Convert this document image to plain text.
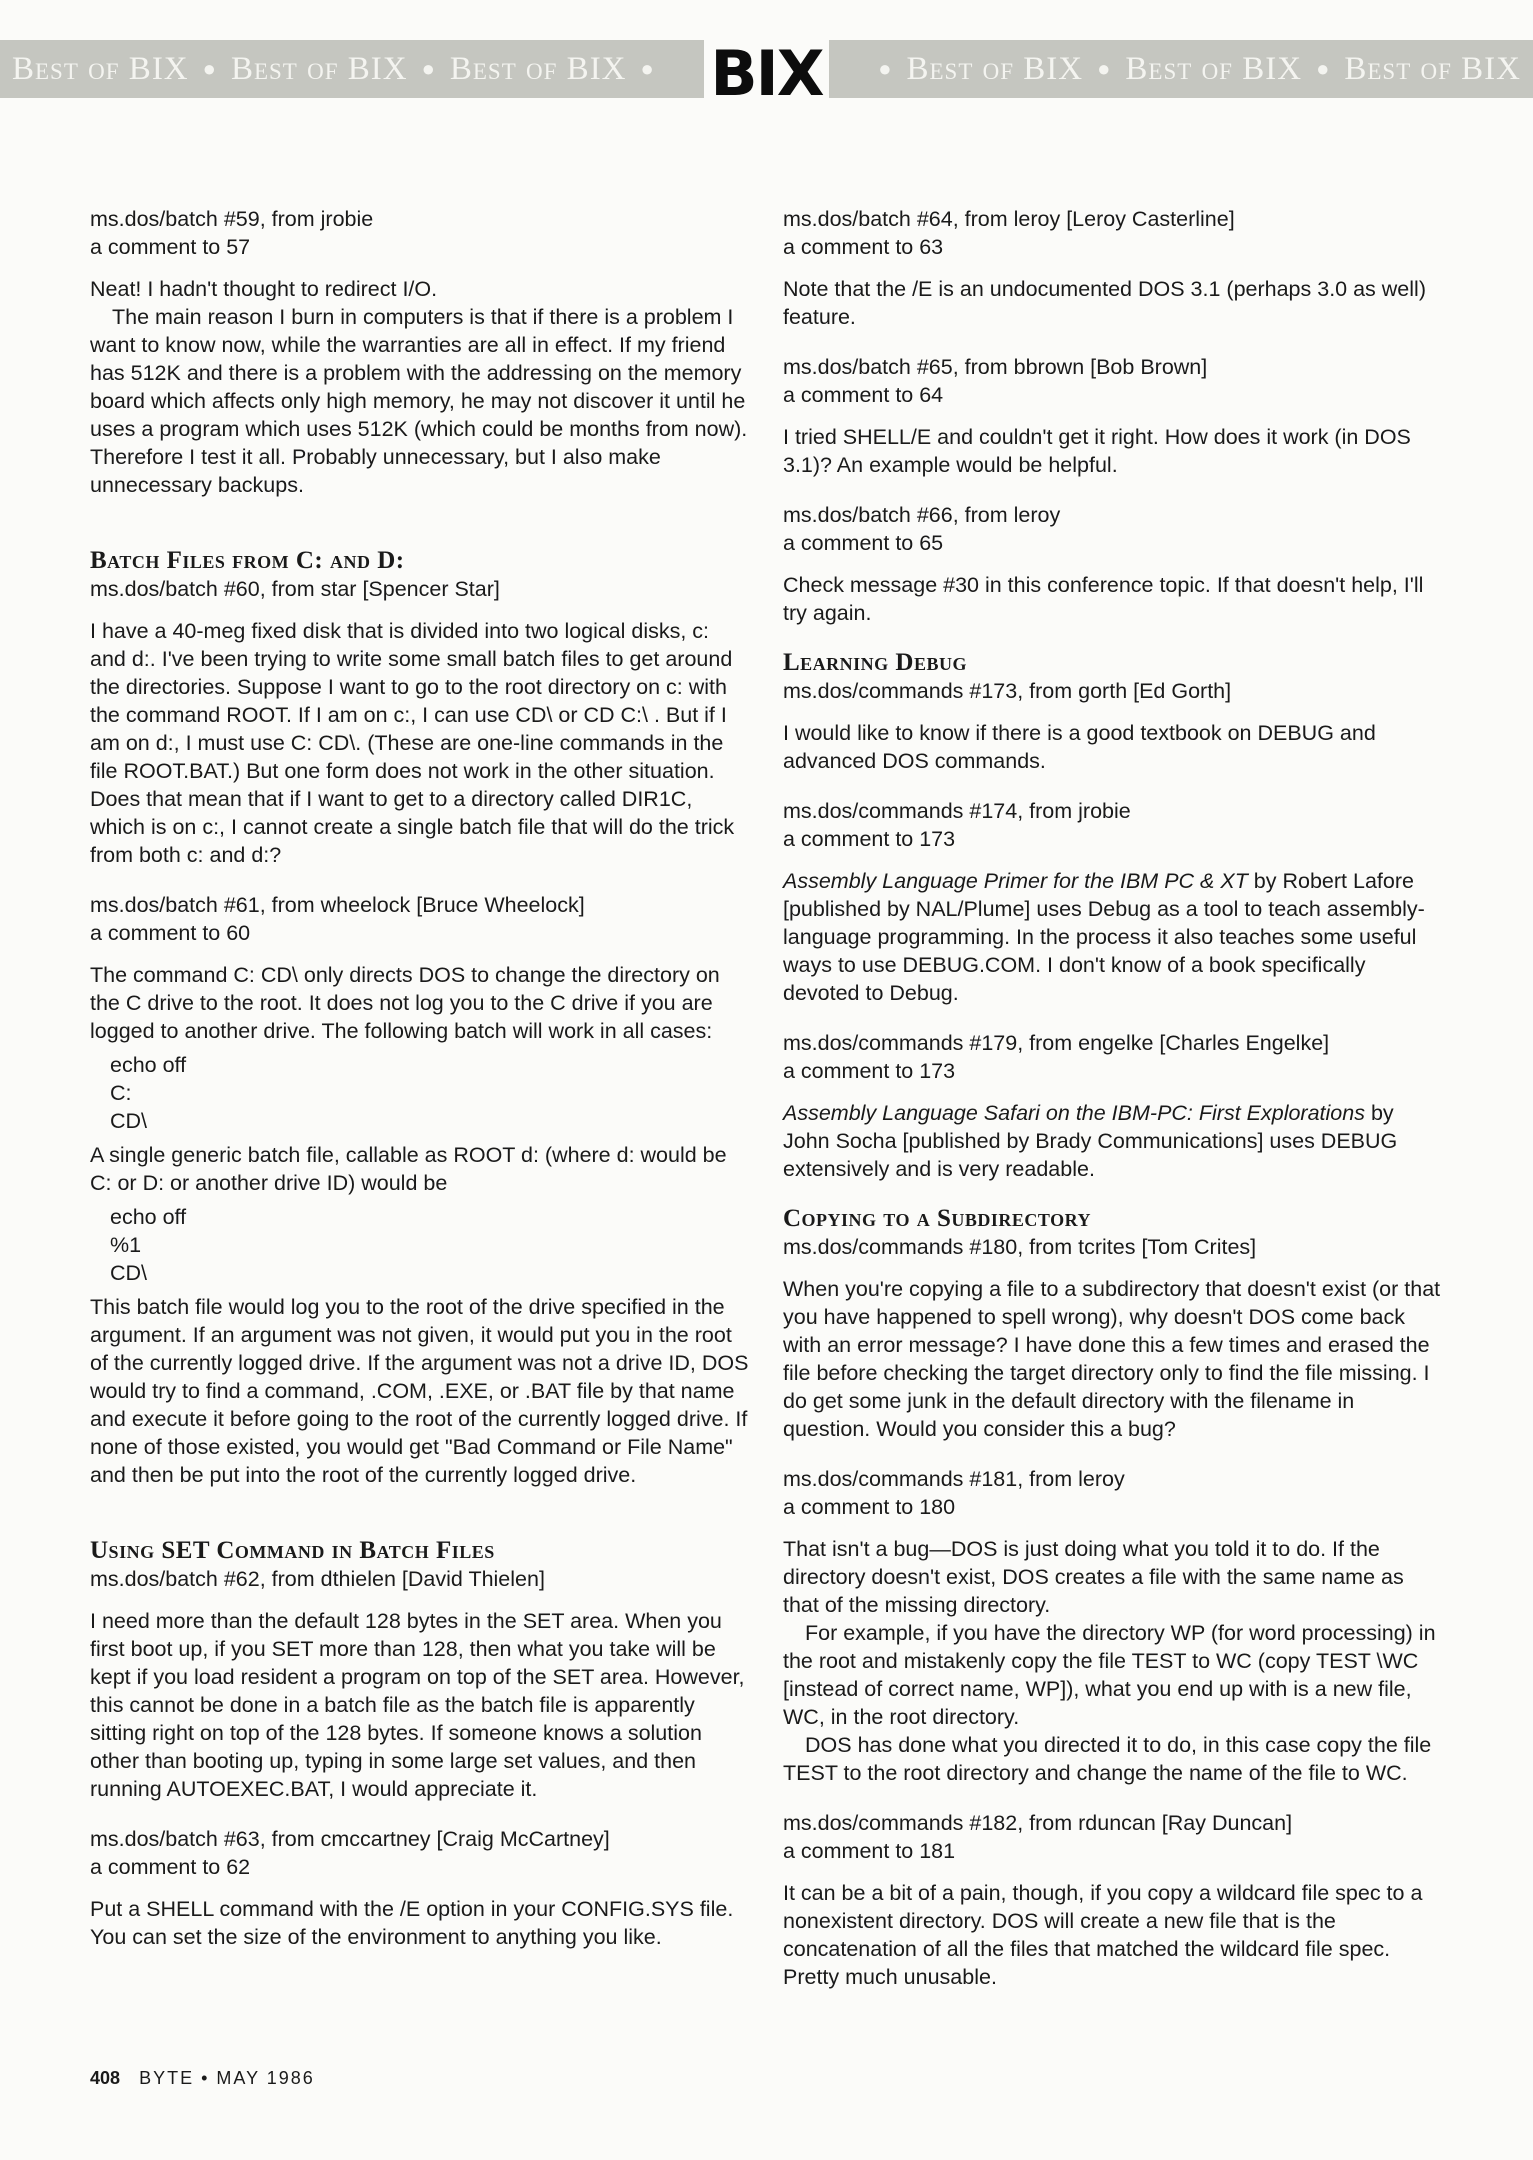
Best of BIX ● Best of BIX ● Best of BIX ● BIX	● Best of BIX ● Best of BIX ● Best of BIX

ms.dos/batch #59, from jrobie

a comment to 57

Neat! I hadn't thought to redirect I/O.

The main reason I burn in computers is that if there is a problem I want to know now, while the warranties are all in effect. If my friend has 512K and there is a problem with the addressing on the memory board which affects only high memory, he may not discover it until he uses a program which uses 512K (which could be months from now). Therefore I test it all. Probably unnecessary, but I also make unnecessary backups.

Batch Files from C: and D:

ms.dos/batch #60, from star [Spencer Star]

I have a 40-meg fixed disk that is divided into two logical disks, c: and d:. I've been trying to write some small batch files to get around the directories. Suppose I want to go to the root directory on c: with the command ROOT. If I am on c:, I can use CD\ or CD C:\ . But if I am on d:, I must use C: CD\. (These are one-line commands in the file ROOT.BAT.) But one form does not work in the other situation. Does that mean that if I want to get to a directory called DIR1C, which is on c:, I cannot create a single batch file that will do the trick from both c: and d:?

ms.dos/batch #61, from wheelock [Bruce Wheelock]

a comment to 60

The command C: CD\ only directs DOS to change the directory on the C drive to the root. It does not log you to the C drive if you are logged to another drive. The following batch will work in all cases:

echo off
C:
CD\

A single generic batch file, callable as ROOT d: (where d: would be C: or D: or another drive ID) would be

echo off
%1
CD\

This batch file would log you to the root of the drive specified in the argument. If an argument was not given, it would put you in the root of the currently logged drive. If the argument was not a drive ID, DOS would try to find a command, .COM, .EXE, or .BAT file by that name and execute it before going to the root of the currently logged drive. If none of those existed, you would get "Bad Command or File Name" and then be put into the root of the currently logged drive.

Using SET Command in Batch Files

ms.dos/batch #62, from dthielen [David Thielen]

I need more than the default 128 bytes in the SET area. When you first boot up, if you SET more than 128, then what you take will be kept if you load resident a program on top of the SET area. However, this cannot be done in a batch file as the batch file is apparently sitting right on top of the 128 bytes. If someone knows a solution other than booting up, typing in some large set values, and then running AUTOEXEC.BAT, I would appreciate it.

ms.dos/batch #63, from cmccartney [Craig McCartney]

a comment to 62

Put a SHELL command with the /E option in your CONFIG.SYS file. You can set the size of the environment to anything you like.

ms.dos/batch #64, from leroy [Leroy Casterline]

a comment to 63

Note that the /E is an undocumented DOS 3.1 (perhaps 3.0 as well) feature.

ms.dos/batch #65, from bbrown [Bob Brown]

a comment to 64

I tried SHELL/E and couldn't get it right. How does it work (in DOS 3.1)? An example would be helpful.

ms.dos/batch #66, from leroy

a comment to 65

Check message #30 in this conference topic. If that doesn't help, I'll try again.

Learning Debug

ms.dos/commands #173, from gorth [Ed Gorth]

I would like to know if there is a good textbook on DEBUG and advanced DOS commands.

ms.dos/commands #174, from jrobie

a comment to 173

Assembly Language Primer for the IBM PC & XT by Robert Lafore [published by NAL/Plume] uses Debug as a tool to teach assembly-language programming. In the process it also teaches some useful ways to use DEBUG.COM. I don't know of a book specifically devoted to Debug.

ms.dos/commands #179, from engelke [Charles Engelke]

a comment to 173

Assembly Language Safari on the IBM-PC: First Explorations by John Socha [published by Brady Communications] uses DEBUG extensively and is very readable.

Copying to a Subdirectory

ms.dos/commands #180, from tcrites [Tom Crites]

When you're copying a file to a subdirectory that doesn't exist (or that you have happened to spell wrong), why doesn't DOS come back with an error message? I have done this a few times and erased the file before checking the target directory only to find the file missing. I do get some junk in the default directory with the filename in question. Would you consider this a bug?

ms.dos/commands #181, from leroy

a comment to 180

That isn't a bug—DOS is just doing what you told it to do. If the directory doesn't exist, DOS creates a file with the same name as that of the missing directory.

For example, if you have the directory WP (for word processing) in the root and mistakenly copy the file TEST to WC (copy TEST \WC [instead of correct name, WP]), what you end up with is a new file, WC, in the root directory.

DOS has done what you directed it to do, in this case copy the file TEST to the root directory and change the name of the file to WC.

ms.dos/commands #182, from rduncan [Ray Duncan]

a comment to 181

It can be a bit of a pain, though, if you copy a wildcard file spec to a nonexistent directory. DOS will create a new file that is the concatenation of all the files that matched the wildcard file spec. Pretty much unusable.

408 BYTE • MAY 1986
